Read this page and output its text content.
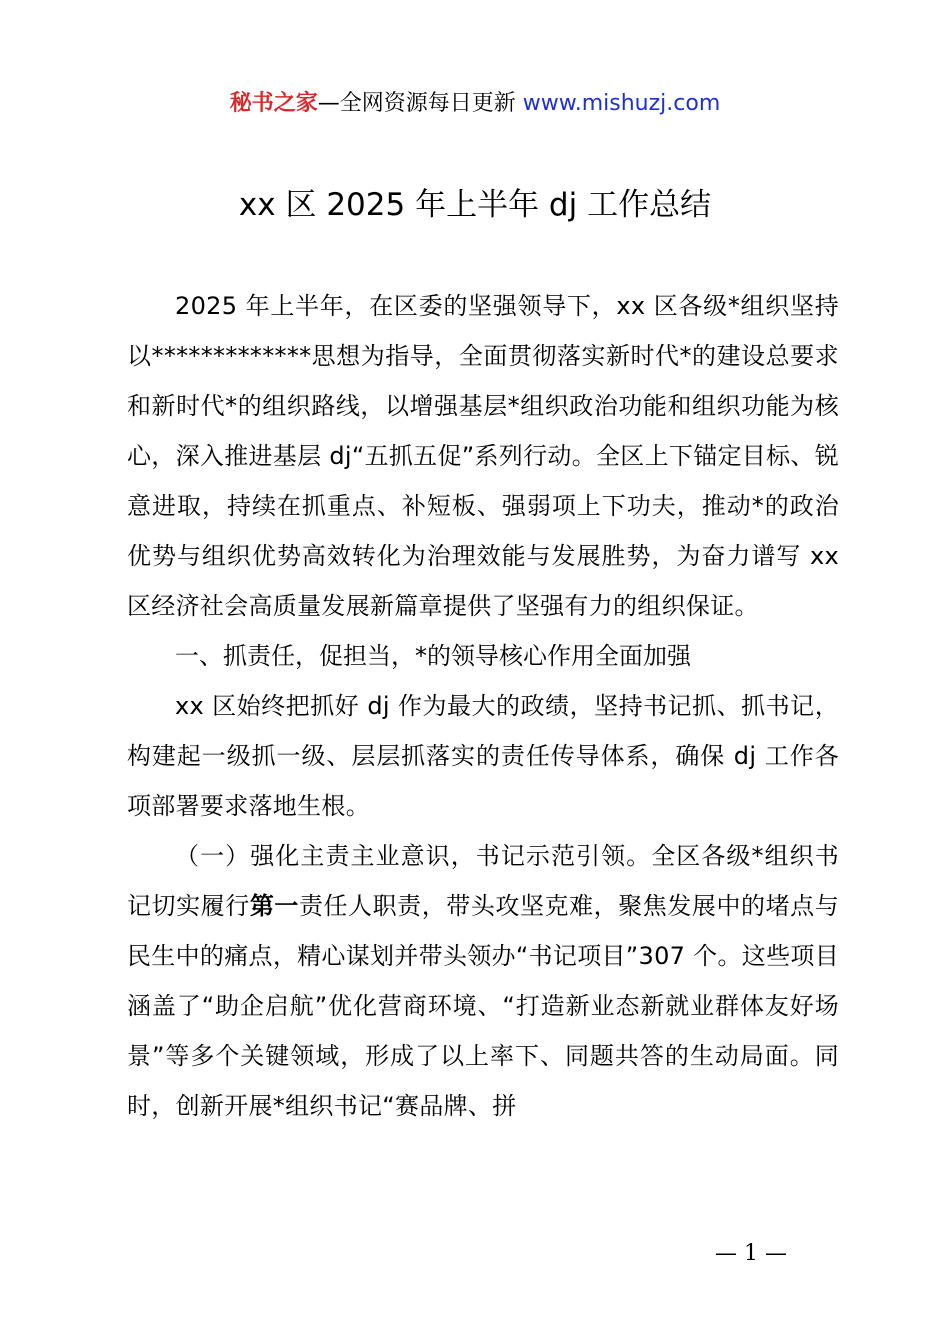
秘书之家—全网资源每日更新 www.mishuzj.com
xx 区 2025 年上半年 dj 工作总结

2025 年上半年，在区委的坚强领导下，xx 区各级*组织坚持以*************思想为指导，全面贯彻落实新时代*的建设总要求和新时代*的组织路线，以增强基层*组织政治功能和组织功能为核心，深入推进基层 dj“五抓五促”系列行动。全区上下锚定目标、锐意进取，持续在抓重点、补短板、强弱项上下功夫，推动*的政治优势与组织优势高效转化为治理效能与发展胜势，为奋力谱写 xx 区经济社会高质量发展新篇章提供了坚强有力的组织保证。

一、抓责任，促担当，*的领导核心作用全面加强

xx 区始终把抓好 dj 作为最大的政绩，坚持书记抓、抓书记，构建起一级抓一级、层层抓落实的责任传导体系，确保 dj 工作各项部署要求落地生根。

（一）强化主责主业意识，书记示范引领。全区各级*组织书记切实履行第一责任人职责，带头攻坚克难，聚焦发展中的堵点与民生中的痛点，精心谋划并带头领办“书记项目”307 个。这些项目涵盖了“助企启航”优化营商环境、“打造新业态新就业群体友好场景”等多个关键领域，形成了以上率下、同题共答的生动局面。同时，创新开展*组织书记“赛品牌、拼

— 1 —
